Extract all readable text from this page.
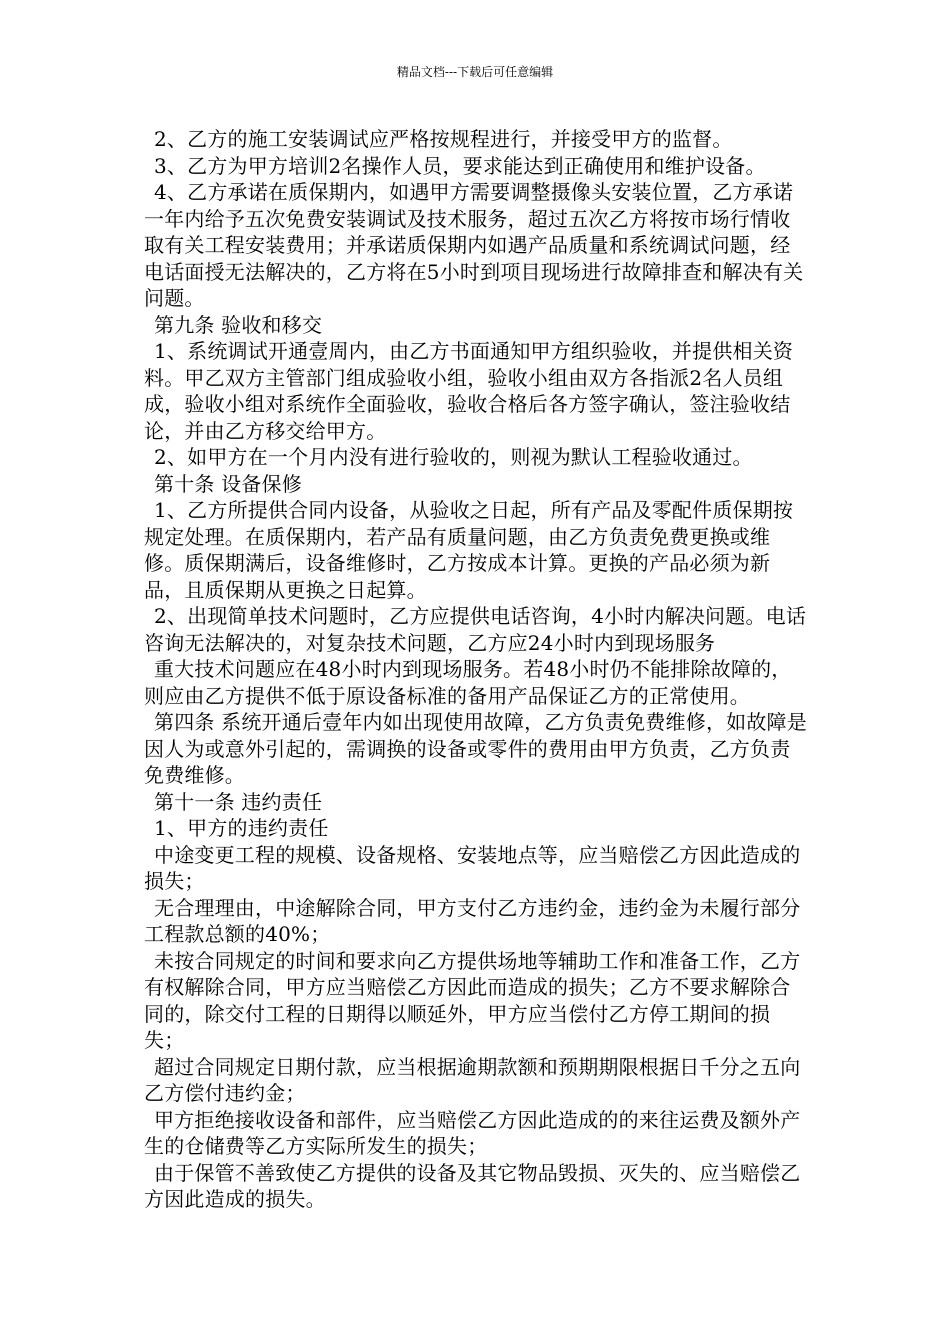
精品文档---下载后可任意编辑

2、乙方的施工安装调试应严格按规程进行，并接受甲方的监督。

3、乙方为甲方培训2名操作人员，要求能达到正确使用和维护设备。

4、乙方承诺在质保期内，如遇甲方需要调整摄像头安装位置，乙方承诺一年内给予五次免费安装调试及技术服务，超过五次乙方将按市场行情收取有关工程安装费用；并承诺质保期内如遇产品质量和系统调试问题，经电话面授无法解决的，乙方将在5小时到项目现场进行故障排查和解决有关问题。

第九条 验收和移交

1、系统调试开通壹周内，由乙方书面通知甲方组织验收，并提供相关资料。甲乙双方主管部门组成验收小组，验收小组由双方各指派2名人员组成，验收小组对系统作全面验收，验收合格后各方签字确认，签注验收结论，并由乙方移交给甲方。

2、如甲方在一个月内没有进行验收的，则视为默认工程验收通过。

第十条 设备保修

1、乙方所提供合同内设备，从验收之日起，所有产品及零配件质保期按规定处理。在质保期内，若产品有质量问题，由乙方负责免费更换或维修。质保期满后，设备维修时，乙方按成本计算。更换的产品必须为新品，且质保期从更换之日起算。

2、出现简单技术问题时，乙方应提供电话咨询，4小时内解决问题。电话咨询无法解决的，对复杂技术问题，乙方应24小时内到现场服务

重大技术问题应在48小时内到现场服务。若48小时仍不能排除故障的，则应由乙方提供不低于原设备标准的备用产品保证乙方的正常使用。

第四条 系统开通后壹年内如出现使用故障，乙方负责免费维修，如故障是因人为或意外引起的，需调换的设备或零件的费用由甲方负责，乙方负责免费维修。

第十一条 违约责任

1、甲方的违约责任

中途变更工程的规模、设备规格、安装地点等，应当赔偿乙方因此造成的损失；

无合理理由，中途解除合同，甲方支付乙方违约金，违约金为未履行部分工程款总额的40%；

未按合同规定的时间和要求向乙方提供场地等辅助工作和准备工作，乙方有权解除合同，甲方应当赔偿乙方因此而造成的损失；乙方不要求解除合同的，除交付工程的日期得以顺延外，甲方应当偿付乙方停工期间的损失；

超过合同规定日期付款，应当根据逾期款额和预期期限根据日千分之五向乙方偿付违约金；

甲方拒绝接收设备和部件，应当赔偿乙方因此造成的的来往运费及额外产生的仓储费等乙方实际所发生的损失；

由于保管不善致使乙方提供的设备及其它物品毁损、灭失的、应当赔偿乙方因此造成的损失。
